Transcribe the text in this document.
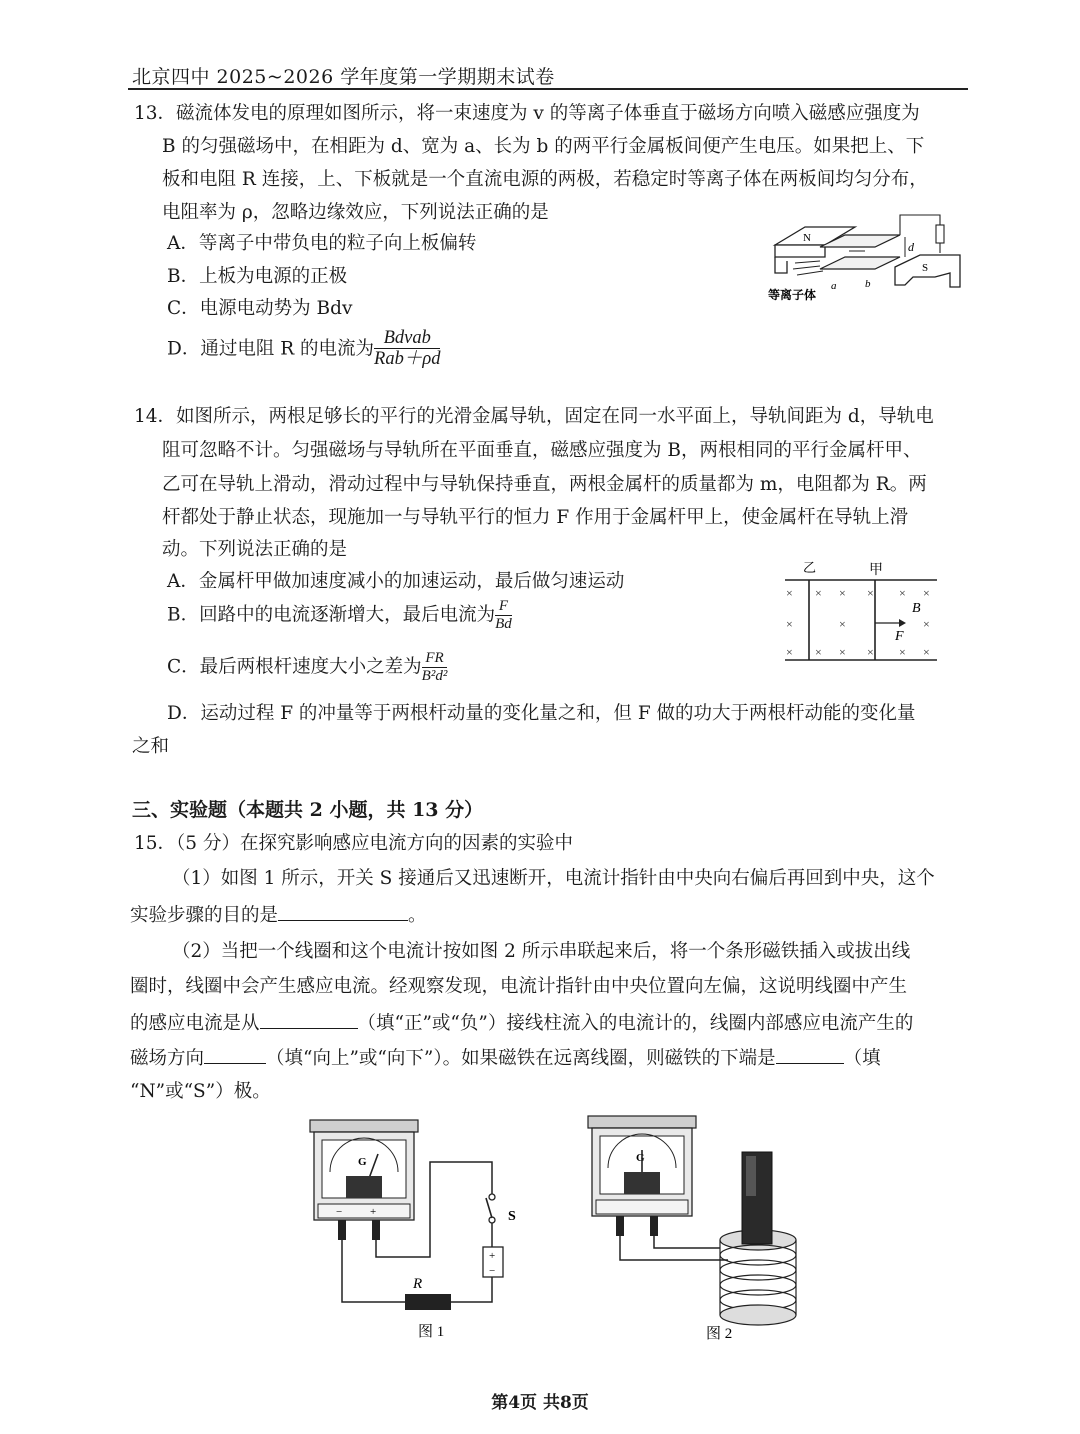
北京四中 2025~2026 学年度第一学期期末试卷
13．磁流体发电的原理如图所示，将一束速度为 v 的等离子体垂直于磁场方向喷入磁感应强度为
B 的匀强磁场中，在相距为 d、宽为 a、长为 b 的两平行金属板间便产生电压。如果把上、下
板和电阻 R 连接，上、下板就是一个直流电源的两极，若稳定时等离子体在两板间均匀分布，
电阻率为 ρ，忽略边缘效应，下列说法正确的是
A．等离子中带负电的粒子向上板偏转
B．上板为电源的正极
C．电源电动势为 Bdv
D．通过电阻 R 的电流为 $\frac{\text{Bdvab}}{\text{Rab＋ρd}}$
N
d
S
a	b
等离子体
14．如图所示，两根足够长的平行的光滑金属导轨，固定在同一水平面上，导轨间距为 d，导轨电
阻可忽略不计。匀强磁场与导轨所在平面垂直，磁感应强度为 B，两根相同的平行金属杆甲、
乙可在导轨上滑动，滑动过程中与导轨保持垂直，两根金属杆的质量都为 m，电阻都为 R。两
杆都处于静止状态，现施加一与导轨平行的恒力 F 作用于金属杆甲上，使金属杆在导轨上滑
动。下列说法正确的是
A．金属杆甲做加速度减小的加速运动，最后做匀速运动
B．回路中的电流逐渐增大，最后电流为 $\frac{F}{Bd}$
C．最后两根杆速度大小之差为 $\frac{FR}{\text{B²d²}}$
D．运动过程 F 的冲量等于两根杆动量的变化量之和，但 F 做的功大于两根杆动能的变化量
之和
乙	甲
× × × × × ×
×	×	×
× × × × × ×
B
F
三、实验题（本题共 2 小题，共 13 分）
15．（5 分）在探究影响感应电流方向的因素的实验中
（1）如图 1 所示，开关 S 接通后又迅速断开，电流计指针由中央向右偏后再回到中央，这个
实验步骤的目的是	。
（2）当把一个线圈和这个电流计按如图 2 所示串联起来后，将一个条形磁铁插入或拔出线
圈时，线圈中会产生感应电流。经观察发现，电流计指针由中央位置向左偏，这说明线圈中产生
的感应电流是从	（填“正”或“负”）接线柱流入的电流计的，线圈内部感应电流产生的
磁场方向	（填“向上”或“向下”）。如果磁铁在远离线圈，则磁铁的下端是	（填
“N”或“S”）极。
G
−	+
R
+
−
S
图 1
G
图 2
第4页 共8页
